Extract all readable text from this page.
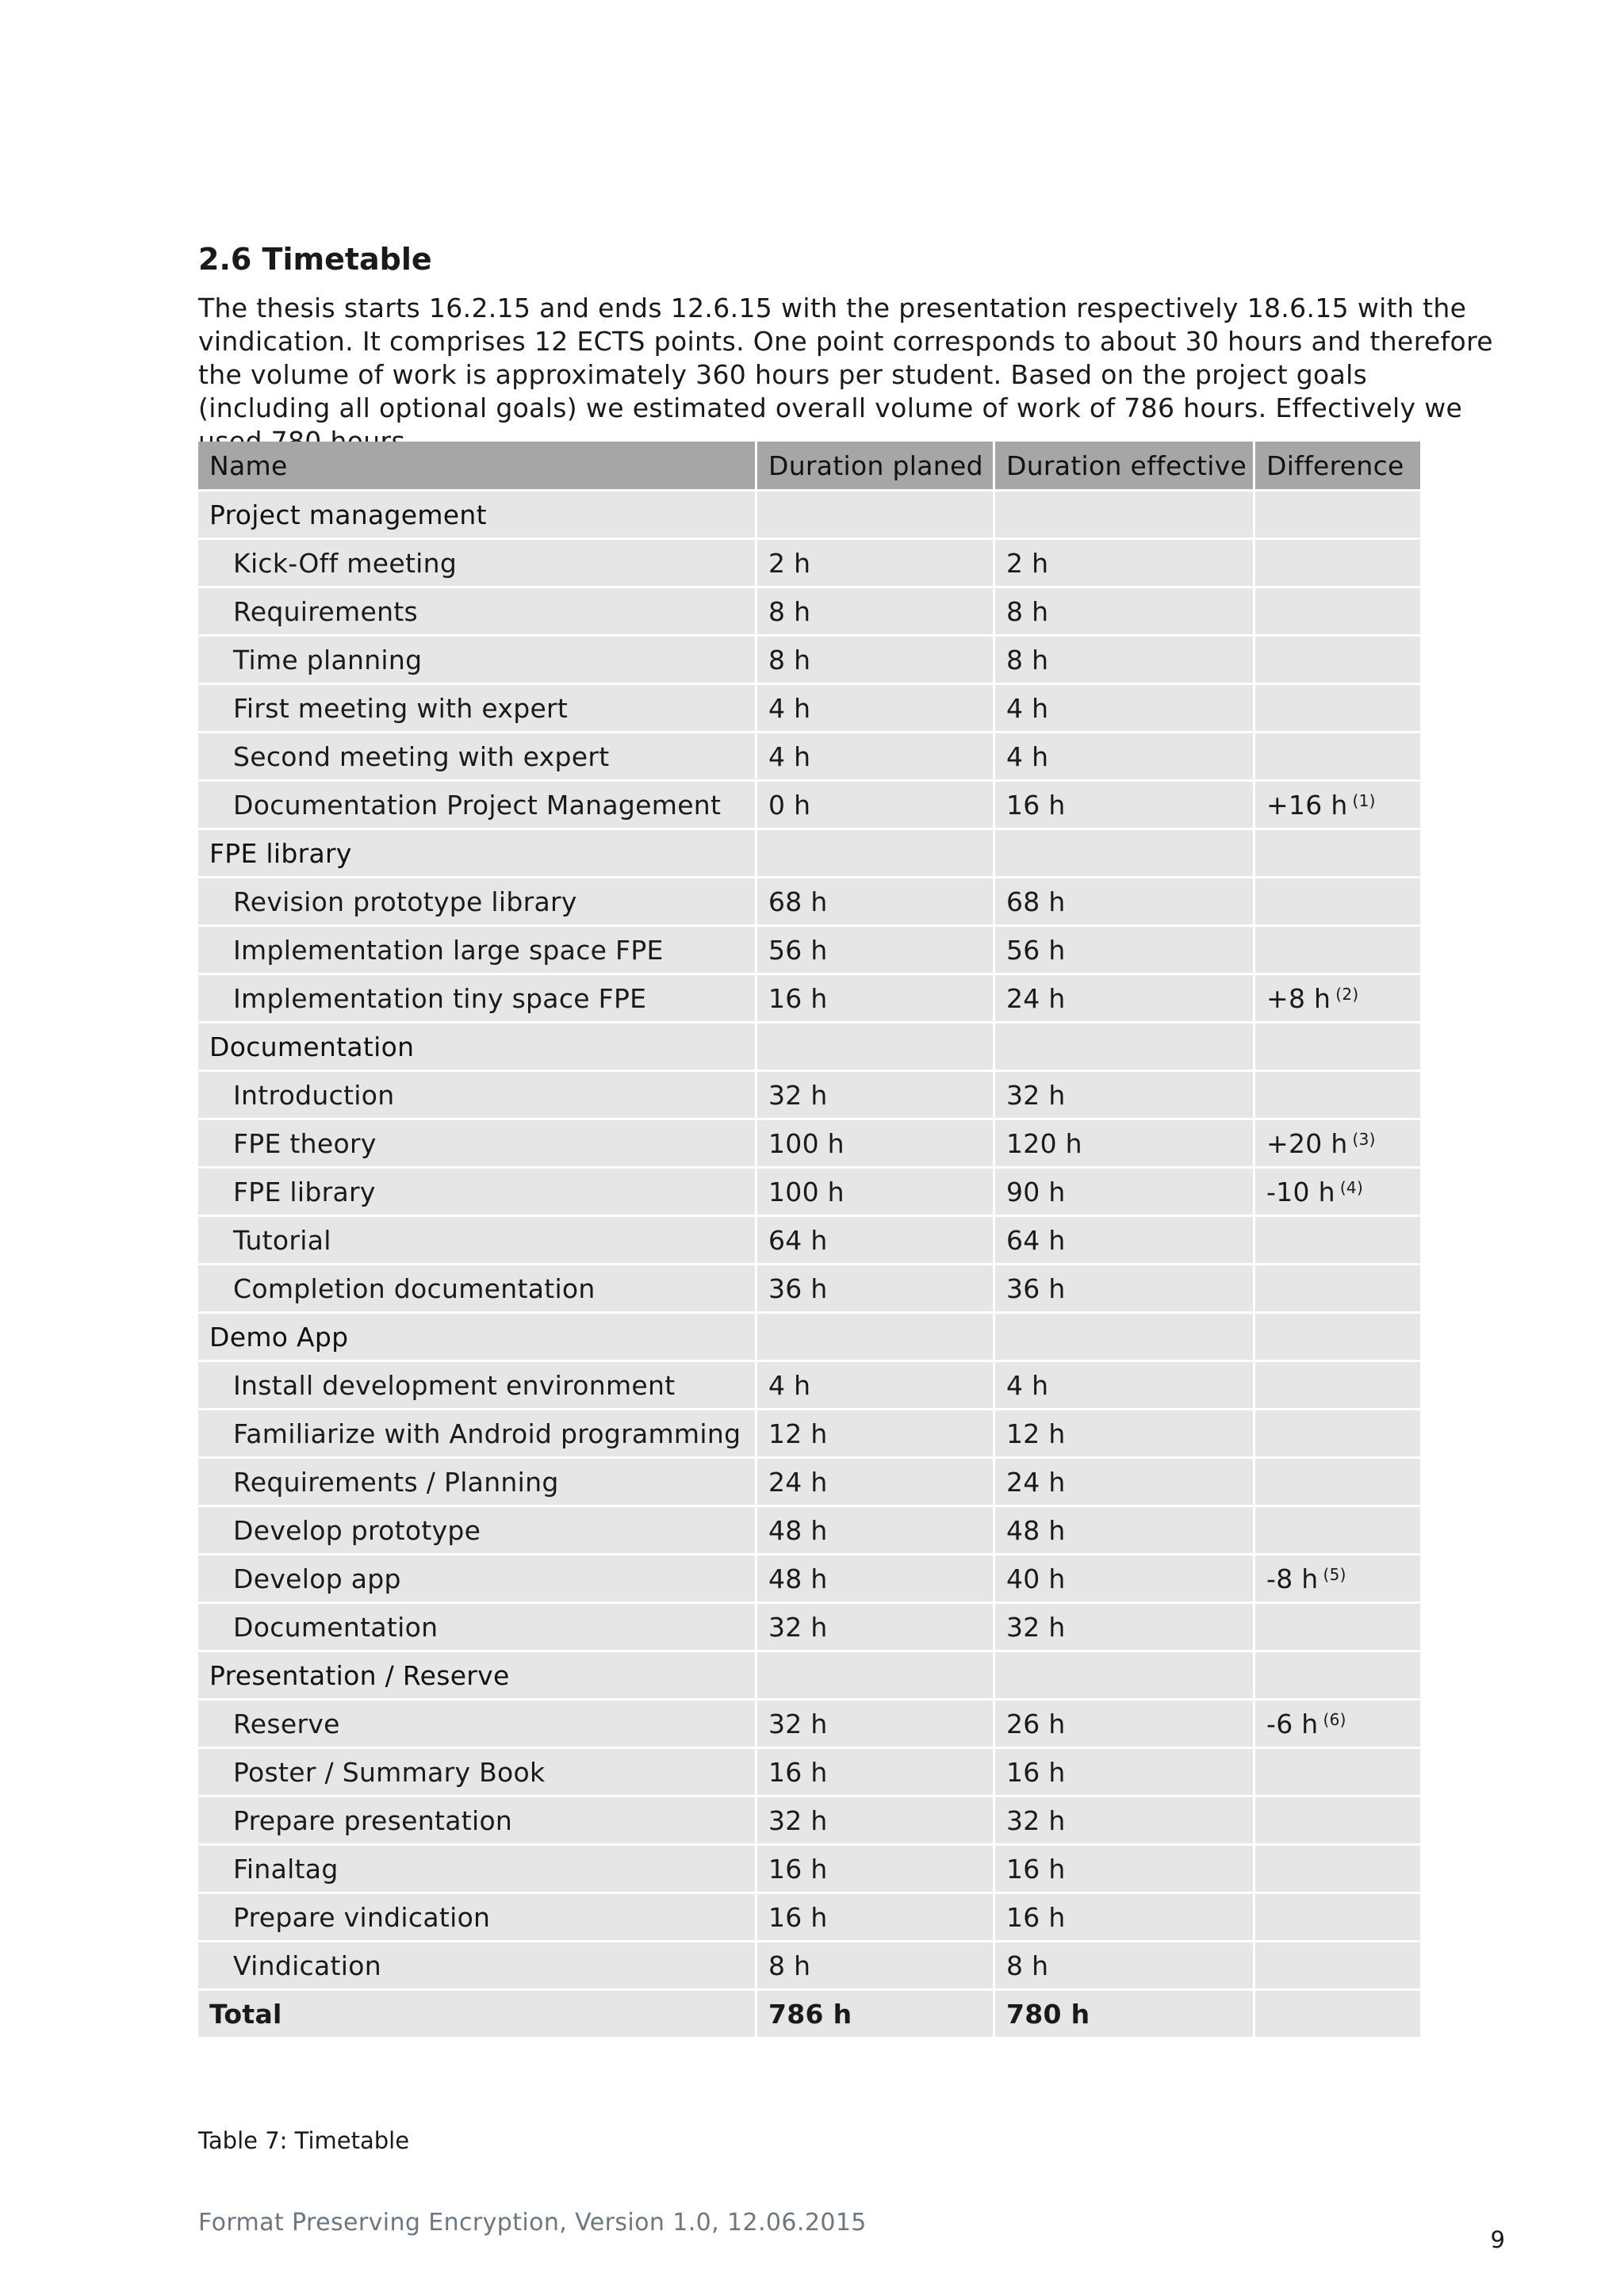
2.6 Timetable

The thesis starts 16.2.15 and ends 12.6.15 with the presentation respectively 18.6.15 with the vindication. It comprises 12 ECTS points. One point corresponds to about 30 hours and therefore the volume of work is approximately 360 hours per student. Based on the project goals (including all optional goals) we estimated overall volume of work of 786 hours. Effectively we

Name	Duration planed	Duration effective	Difference
Project management			
Kick-Off meeting	2 h	2 h	
Requirements	8 h	8 h	
Time planning	8 h	8 h	
First meeting with expert	4 h	4 h	
Second meeting with expert	4 h	4 h	
Documentation Project Management	0 h	16 h	+16 h $^{(1)}$
FPE library			
Revision prototype library	68 h	68 h	
Implementation large space FPE	56 h	56 h	
Implementation tiny space FPE	16 h	24 h	+8 h $^{(2)}$
Documentation			
Introduction	32 h	32 h	
FPE theory	100 h	120 h	+20 h $^{(3)}$
FPE library	100 h	90 h	-10 h $^{(4)}$
Tutorial	64 h	64 h	
Completion documentation	36 h	36 h	
Demo App			
Install development environment	4 h	4 h	
Familiarize with Android programming	12 h	12 h	
Requirements / Planning	24 h	24 h	
Develop prototype	48 h	48 h	
Develop app	48 h	40 h	-8 h $^{(5)}$
Documentation	32 h	32 h	
Presentation / Reserve			
Reserve	32 h	26 h	-6 h $^{(6)}$
Poster / Summary Book	16 h	16 h	
Prepare presentation	32 h	32 h	
Finaltag	16 h	16 h	
Prepare vindication	16 h	16 h	
Vindication	8 h	8 h	
Total	786 h	780 h	

Table 7: Timetable

Format Preserving Encryption, Version 1.0, 12.06.2015

9
